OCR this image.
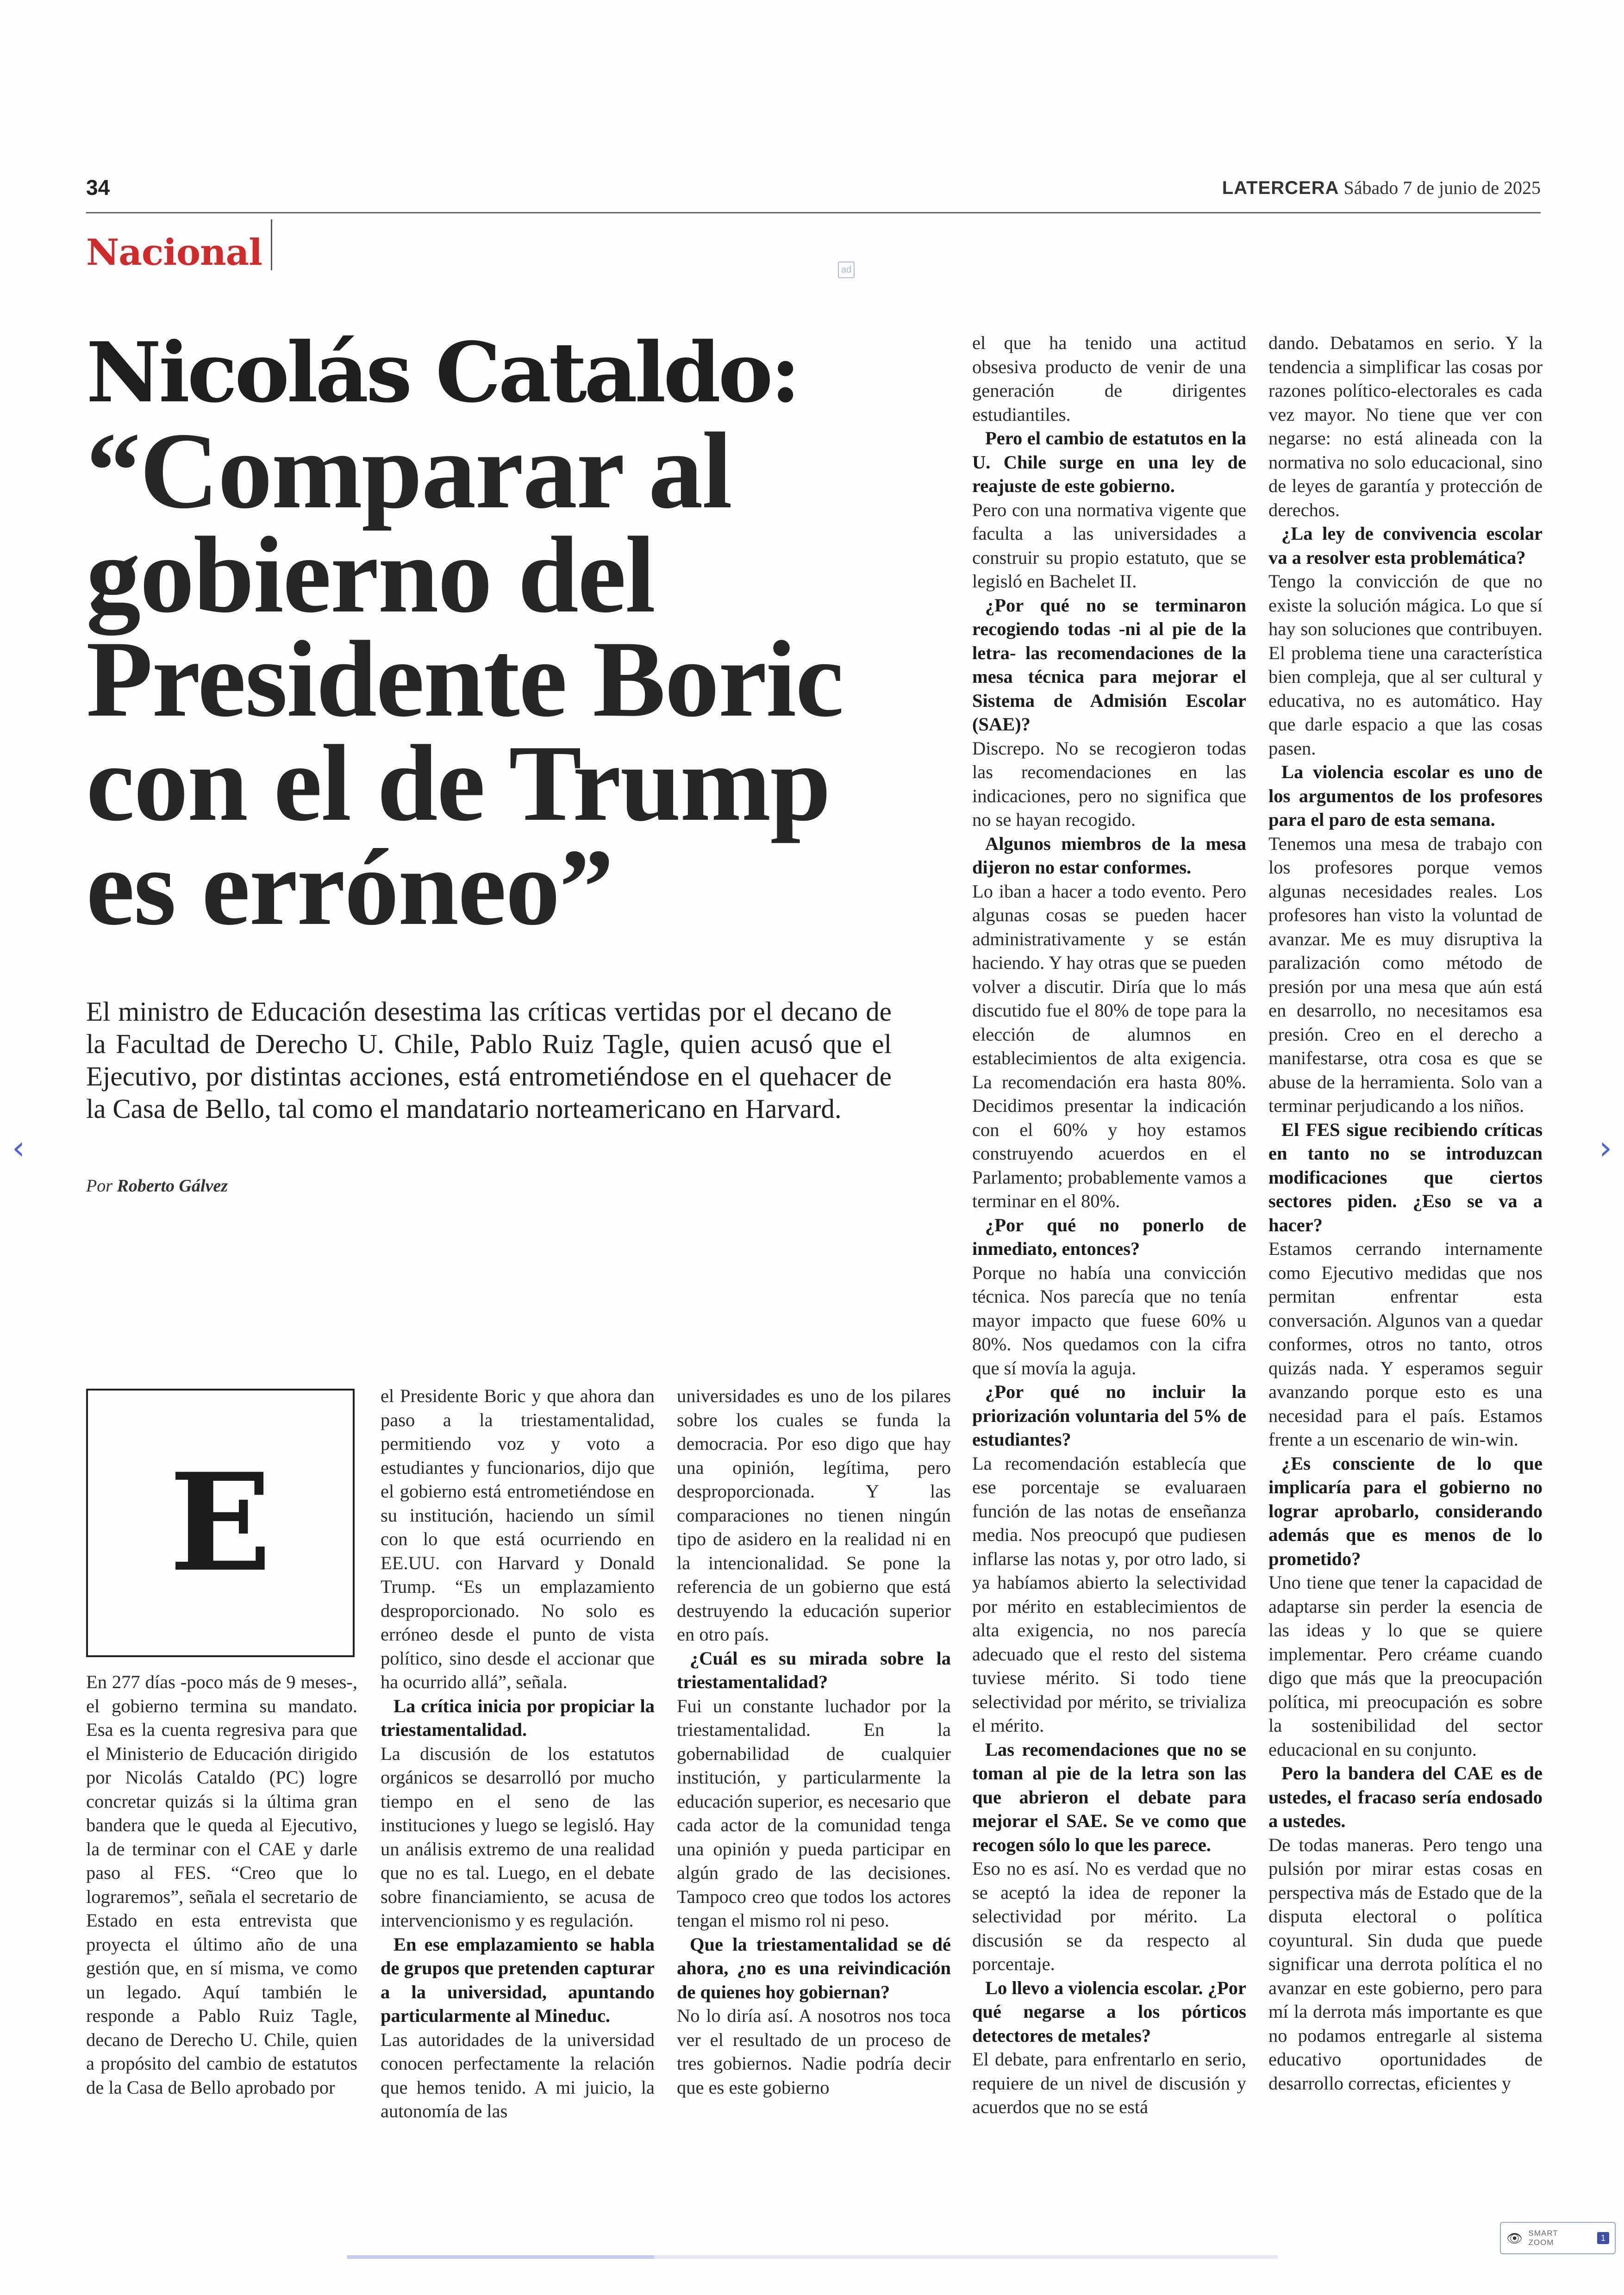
34	LATERCERA Sábado 7 de junio de 2025
Nacional	ad
Nicolás Cataldo:
“Comparar al gobierno del Presidente Boric con el de Trump es erróneo”

El ministro de Educación desestima las críticas vertidas por el decano de la Facultad de Derecho U. Chile, Pablo Ruiz Tagle, quien acusó que el Ejecutivo, por distintas acciones, está entrometiéndose en el quehacer de la Casa de Bello, tal como el mandatario norteamericano en Harvard.

Por Roberto Gálvez
E

En 277 días -poco más de 9 meses-, el gobierno termina su mandato. Esa es la cuenta regresiva para que el Ministerio de Educación dirigido por Nicolás Cataldo (PC) logre concretar quizás si la última gran bandera que le queda al Ejecutivo, la de terminar con el CAE y darle paso al FES. “Creo que lo lograremos”, señala el secretario de Estado en esta entrevista que proyecta el último año de una gestión que, en sí misma, ve como un legado. Aquí también le responde a Pablo Ruiz Tagle, decano de Derecho U. Chile, quien a propósito del cambio de estatutos de la Casa de Bello aprobado por

el Presidente Boric y que ahora dan paso a la triestamentalidad, permitiendo voz y voto a estudiantes y funcionarios, dijo que el gobierno está entrometiéndose en su institución, haciendo un símil con lo que está ocurriendo en EE.UU. con Harvard y Donald Trump. “Es un emplazamiento desproporcionado. No solo es erróneo desde el punto de vista político, sino desde el accionar que ha ocurrido allá”, señala.

La crítica inicia por propiciar la triestamentalidad.

La discusión de los estatutos orgánicos se desarrolló por mucho tiempo en el seno de las instituciones y luego se legisló. Hay un análisis extremo de una realidad que no es tal. Luego, en el debate sobre financiamiento, se acusa de intervencionismo y es regulación.

En ese emplazamiento se habla de grupos que pretenden capturar a la universidad, apuntando particularmente al Mineduc.

Las autoridades de la universidad conocen perfectamente la relación que hemos tenido. A mi juicio, la autonomía de las

universidades es uno de los pilares sobre los cuales se funda la democracia. Por eso digo que hay una opinión, legítima, pero desproporcionada. Y las comparaciones no tienen ningún tipo de asidero en la realidad ni en la intencionalidad. Se pone la referencia de un gobierno que está destruyendo la educación superior en otro país.

¿Cuál es su mirada sobre la triestamentalidad?

Fui un constante luchador por la triestamentalidad. En la gobernabilidad de cualquier institución, y particularmente la educación superior, es necesario que cada actor de la comunidad tenga una opinión y pueda participar en algún grado de las decisiones. Tampoco creo que todos los actores tengan el mismo rol ni peso.

Que la triestamentalidad se dé ahora, ¿no es una reivindicación de quienes hoy gobiernan?

No lo diría así. A nosotros nos toca ver el resultado de un proceso de tres gobiernos. Nadie podría decir que es este gobierno

el que ha tenido una actitud obsesiva producto de venir de una generación de dirigentes estudiantiles.

Pero el cambio de estatutos en la U. Chile surge en una ley de reajuste de este gobierno.

Pero con una normativa vigente que faculta a las universidades a construir su propio estatuto, que se legisló en Bachelet II.

¿Por qué no se terminaron recogiendo todas -ni al pie de la letra- las recomendaciones de la mesa técnica para mejorar el Sistema de Admisión Escolar (SAE)?

Discrepo. No se recogieron todas las recomendaciones en las indicaciones, pero no significa que no se hayan recogido.

Algunos miembros de la mesa dijeron no estar conformes.

Lo iban a hacer a todo evento. Pero algunas cosas se pueden hacer administrativamente y se están haciendo. Y hay otras que se pueden volver a discutir. Diría que lo más discutido fue el 80% de tope para la elección de alumnos en establecimientos de alta exigencia. La recomendación era hasta 80%. Decidimos presentar la indicación con el 60% y hoy estamos construyendo acuerdos en el Parlamento; probablemente vamos a terminar en el 80%.

¿Por qué no ponerlo de inmediato, entonces?

Porque no había una convicción técnica. Nos parecía que no tenía mayor impacto que fuese 60% u 80%. Nos quedamos con la cifra que sí movía la aguja.

¿Por qué no incluir la priorización voluntaria del 5% de estudiantes?

La recomendación establecía que ese porcentaje se evaluaraen función de las notas de enseñanza media. Nos preocupó que pudiesen inflarse las notas y, por otro lado, si ya habíamos abierto la selectividad por mérito en establecimientos de alta exigencia, no nos parecía adecuado que el resto del sistema tuviese mérito. Si todo tiene selectividad por mérito, se trivializa el mérito.

Las recomendaciones que no se toman al pie de la letra son las que abrieron el debate para mejorar el SAE. Se ve como que recogen sólo lo que les parece.

Eso no es así. No es verdad que no se aceptó la idea de reponer la selectividad por mérito. La discusión se da respecto al porcentaje.

Lo llevo a violencia escolar. ¿Por qué negarse a los pórticos detectores de metales?

El debate, para enfrentarlo en serio, requiere de un nivel de discusión y acuerdos que no se está

dando. Debatamos en serio. Y la tendencia a simplificar las cosas por razones político-electorales es cada vez mayor. No tiene que ver con negarse: no está alineada con la normativa no solo educacional, sino de leyes de garantía y protección de derechos.

¿La ley de convivencia escolar va a resolver esta problemática?

Tengo la convicción de que no existe la solución mágica. Lo que sí hay son soluciones que contribuyen. El problema tiene una característica bien compleja, que al ser cultural y educativa, no es automático. Hay que darle espacio a que las cosas pasen.

La violencia escolar es uno de los argumentos de los profesores para el paro de esta semana.

Tenemos una mesa de trabajo con los profesores porque vemos algunas necesidades reales. Los profesores han visto la voluntad de avanzar. Me es muy disruptiva la paralización como método de presión por una mesa que aún está en desarrollo, no necesitamos esa presión. Creo en el derecho a manifestarse, otra cosa es que se abuse de la herramienta. Solo van a terminar perjudicando a los niños.

El FES sigue recibiendo críticas en tanto no se introduzcan modificaciones que ciertos sectores piden. ¿Eso se va a hacer?

Estamos cerrando internamente como Ejecutivo medidas que nos permitan enfrentar esta conversación. Algunos van a quedar conformes, otros no tanto, otros quizás nada. Y esperamos seguir avanzando porque esto es una necesidad para el país. Estamos frente a un escenario de win-win.

¿Es consciente de lo que implicaría para el gobierno no lograr aprobarlo, considerando además que es menos de lo prometido?

Uno tiene que tener la capacidad de adaptarse sin perder la esencia de las ideas y lo que se quiere implementar. Pero créame cuando digo que más que la preocupación política, mi preocupación es sobre la sostenibilidad del sector educacional en su conjunto.

Pero la bandera del CAE es de ustedes, el fracaso sería endosado a ustedes.

De todas maneras. Pero tengo una pulsión por mirar estas cosas en perspectiva más de Estado que de la disputa electoral o política coyuntural. Sin duda que puede significar una derrota política el no avanzar en este gobierno, pero para mí la derrota más importante es que no podamos entregarle al sistema educativo oportunidades de desarrollo correctas, eficientes y

‹	›
👁 SMART
ZOOM	1
